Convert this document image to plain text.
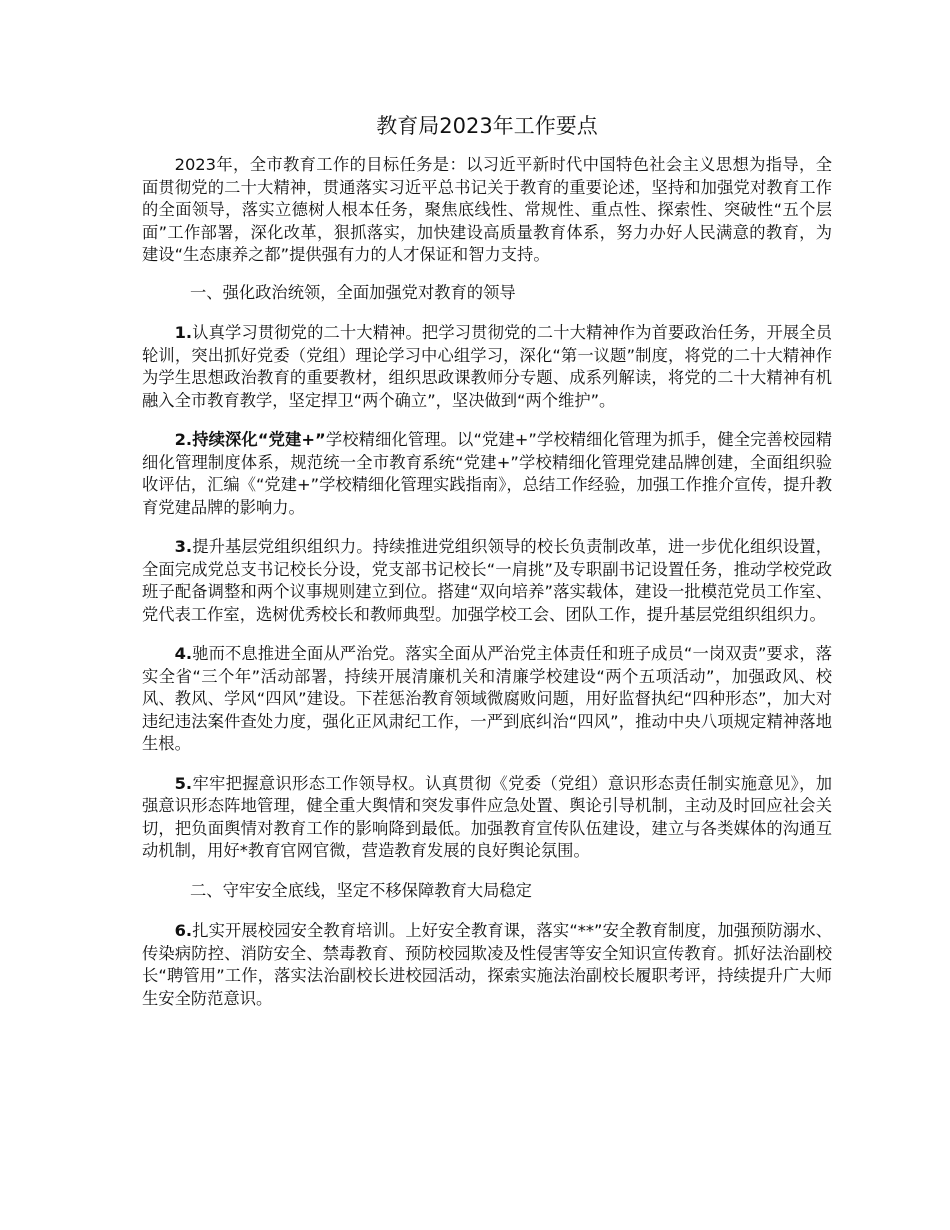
教育局2023年工作要点

2023年，全市教育工作的目标任务是：以习近平新时代中国特色社会主义思想为指导，全面贯彻党的二十大精神，贯通落实习近平总书记关于教育的重要论述，坚持和加强党对教育工作的全面领导，落实立德树人根本任务，聚焦底线性、常规性、重点性、探索性、突破性“五个层面”工作部署，深化改革，狠抓落实，加快建设高质量教育体系，努力办好人民满意的教育，为建设“生态康养之都”提供强有力的人才保证和智力支持。

一、强化政治统领，全面加强党对教育的领导

1.认真学习贯彻党的二十大精神。把学习贯彻党的二十大精神作为首要政治任务，开展全员轮训，突出抓好党委（党组）理论学习中心组学习，深化“第一议题”制度，将党的二十大精神作为学生思想政治教育的重要教材，组织思政课教师分专题、成系列解读，将党的二十大精神有机融入全市教育教学，坚定捍卫“两个确立”，坚决做到“两个维护”。

2.持续深化“党建+”学校精细化管理。以“党建+”学校精细化管理为抓手，健全完善校园精细化管理制度体系，规范统一全市教育系统“党建+”学校精细化管理党建品牌创建，全面组织验收评估，汇编《“党建+”学校精细化管理实践指南》，总结工作经验，加强工作推介宣传，提升教育党建品牌的影响力。

3.提升基层党组织组织力。持续推进党组织领导的校长负责制改革，进一步优化组织设置，全面完成党总支书记校长分设，党支部书记校长“一肩挑”及专职副书记设置任务，推动学校党政班子配备调整和两个议事规则建立到位。搭建“双向培养”落实载体，建设一批模范党员工作室、党代表工作室，选树优秀校长和教师典型。加强学校工会、团队工作，提升基层党组织组织力。

4.驰而不息推进全面从严治党。落实全面从严治党主体责任和班子成员“一岗双责”要求，落实全省“三个年”活动部署，持续开展清廉机关和清廉学校建设“两个五项活动”，加强政风、校风、教风、学风“四风”建设。下茬惩治教育领域微腐败问题，用好监督执纪“四种形态”，加大对违纪违法案件查处力度，强化正风肃纪工作，一严到底纠治“四风”，推动中央八项规定精神落地生根。

5.牢牢把握意识形态工作领导权。认真贯彻《党委（党组）意识形态责任制实施意见》，加强意识形态阵地管理，健全重大舆情和突发事件应急处置、舆论引导机制，主动及时回应社会关切，把负面舆情对教育工作的影响降到最低。加强教育宣传队伍建设，建立与各类媒体的沟通互动机制，用好*教育官网官微，营造教育发展的良好舆论氛围。

二、守牢安全底线，坚定不移保障教育大局稳定

6.扎实开展校园安全教育培训。上好安全教育课，落实“**”安全教育制度，加强预防溺水、传染病防控、消防安全、禁毒教育、预防校园欺凌及性侵害等安全知识宣传教育。抓好法治副校长“聘管用”工作，落实法治副校长进校园活动，探索实施法治副校长履职考评，持续提升广大师生安全防范意识。
